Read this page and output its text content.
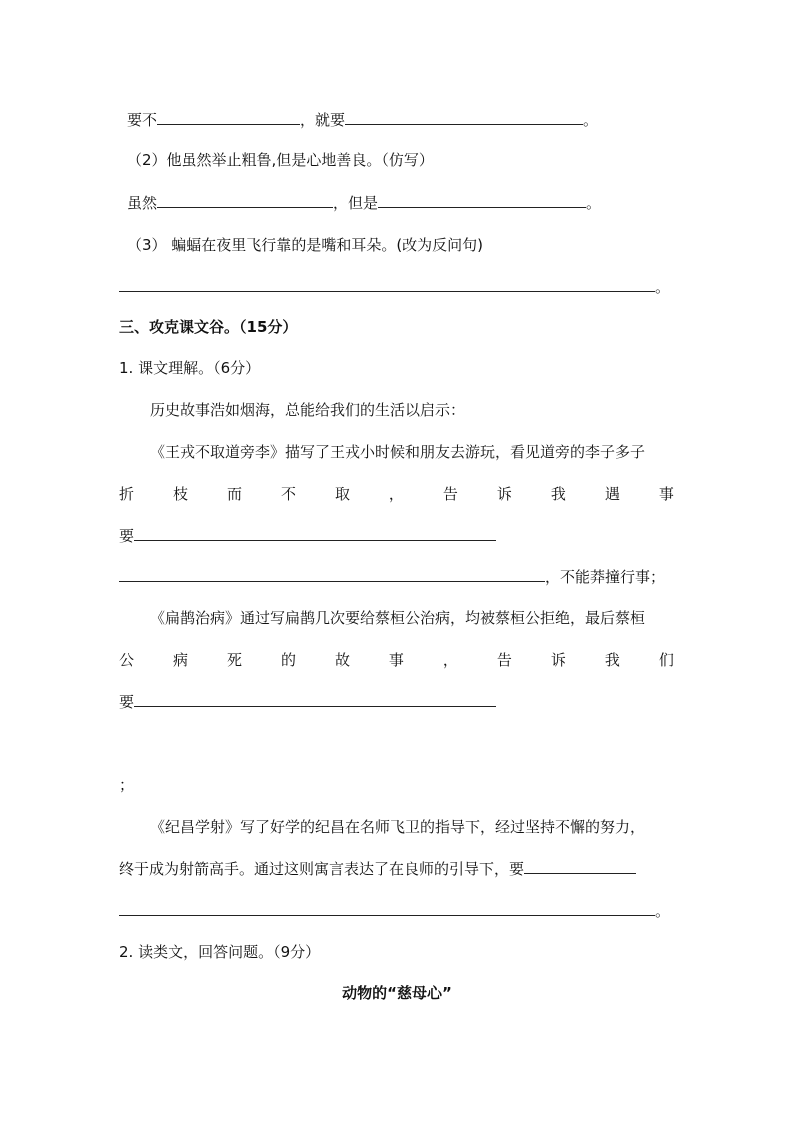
要不	，就要	。
（2）他虽然举止粗鲁,但是心地善良。（仿写）
虽然	，但是	。
（3） 蝙蝠在夜里飞行靠的是嘴和耳朵。(改为反问句)
。
三、攻克课文谷。（15分）
1. 课文理解。（6分）
历史故事浩如烟海，总能给我们的生活以启示：
《王戎不取道旁李》描写了王戎小时候和朋友去游玩，看见道旁的李子多子
折	枝	而	不	取	，	告	诉	我	遇	事
要
，不能莽撞行事；
《扁鹊治病》通过写扁鹊几次要给蔡桓公治病，均被蔡桓公拒绝，最后蔡桓
公	病	死	的	故	事	，	告	诉	我	们
要
；
《纪昌学射》写了好学的纪昌在名师飞卫的指导下，经过坚持不懈的努力，
终于成为射箭高手。通过这则寓言表达了在良师的引导下，要
。
2. 读类文，回答问题。（9分）
动物的“慈母心”
